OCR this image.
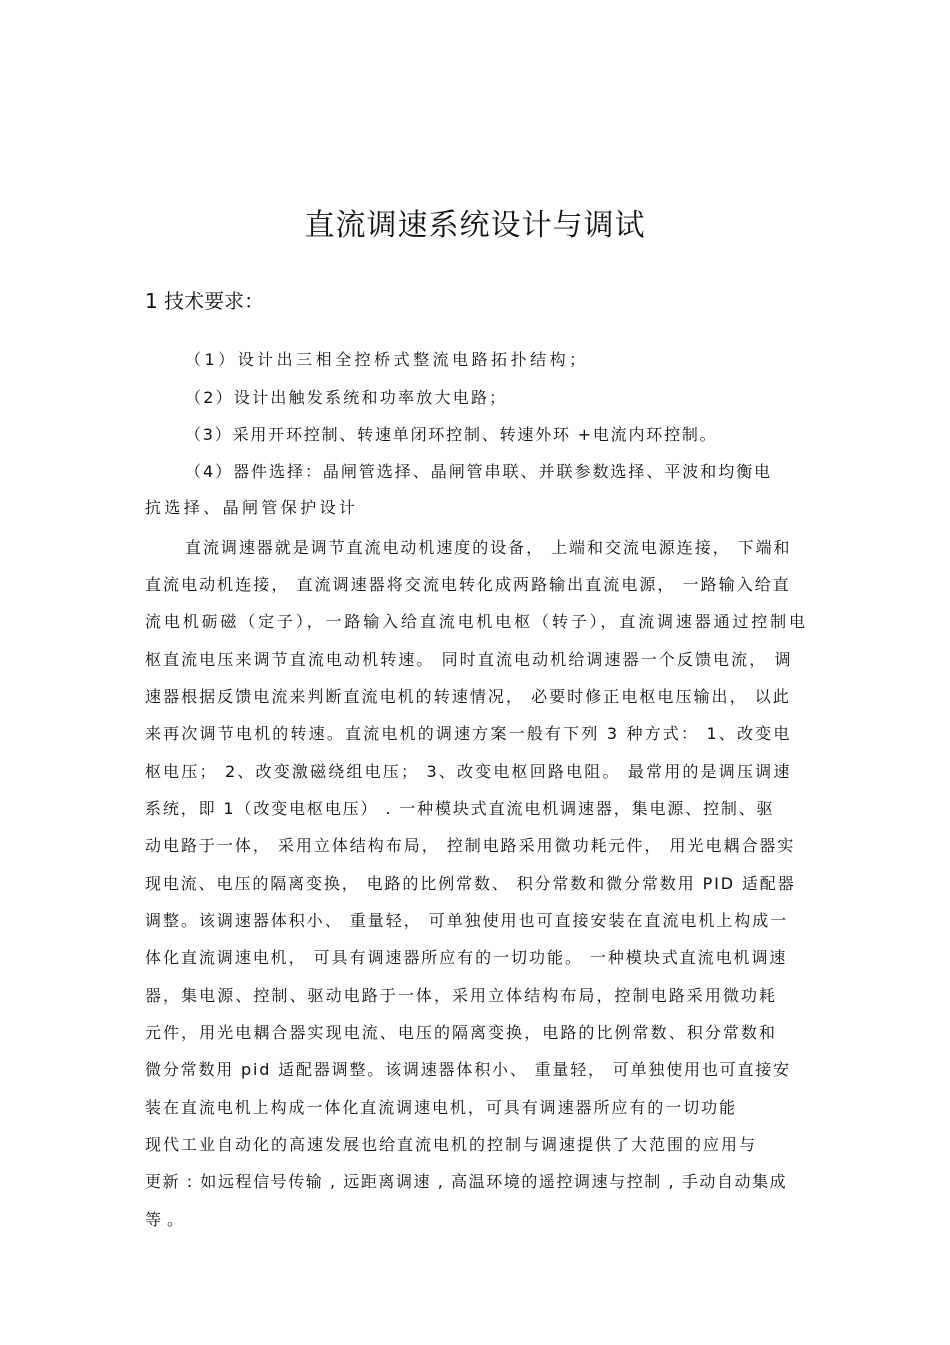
直流调速系统设计与调试
1 技术要求：
（1）设计出三相全控桥式整流电路拓扑结构；
（2）设计出触发系统和功率放大电路；
（3）采用开环控制、转速单闭环控制、转速外环 +电流内环控制。
（4）器件选择：晶闸管选择、晶闸管串联、并联参数选择、平波和均衡电
抗选择、晶闸管保护设计
直流调速器就是调节直流电动机速度的设备， 上端和交流电源连接， 下端和
直流电动机连接， 直流调速器将交流电转化成两路输出直流电源， 一路输入给直
流电机砺磁（定子），一路输入给直流电机电枢（转子），直流调速器通过控制电
枢直流电压来调节直流电动机转速。 同时直流电动机给调速器一个反馈电流， 调
速器根据反馈电流来判断直流电机的转速情况， 必要时修正电枢电压输出， 以此
来再次调节电机的转速。直流电机的调速方案一般有下列 3 种方式： 1、改变电
枢电压； 2、改变激磁绕组电压； 3、改变电枢回路电阻。 最常用的是调压调速
系统，即 1（改变电枢电压） . 一种模块式直流电机调速器，集电源、控制、驱
动电路于一体， 采用立体结构布局， 控制电路采用微功耗元件， 用光电耦合器实
现电流、电压的隔离变换， 电路的比例常数、 积分常数和微分常数用 PID 适配器
调整。该调速器体积小、 重量轻， 可单独使用也可直接安装在直流电机上构成一
体化直流调速电机， 可具有调速器所应有的一切功能。 一种模块式直流电机调速
器，集电源、控制、驱动电路于一体，采用立体结构布局，控制电路采用微功耗
元件，用光电耦合器实现电流、电压的隔离变换，电路的比例常数、积分常数和
微分常数用 pid 适配器调整。该调速器体积小、 重量轻， 可单独使用也可直接安
装在直流电机上构成一体化直流调速电机，可具有调速器所应有的一切功能
现代工业自动化的高速发展也给直流电机的控制与调速提供了大范围的应用与
更新 : 如远程信号传输 , 远距离调速 , 高温环境的遥控调速与控制 , 手动自动集成
等。
